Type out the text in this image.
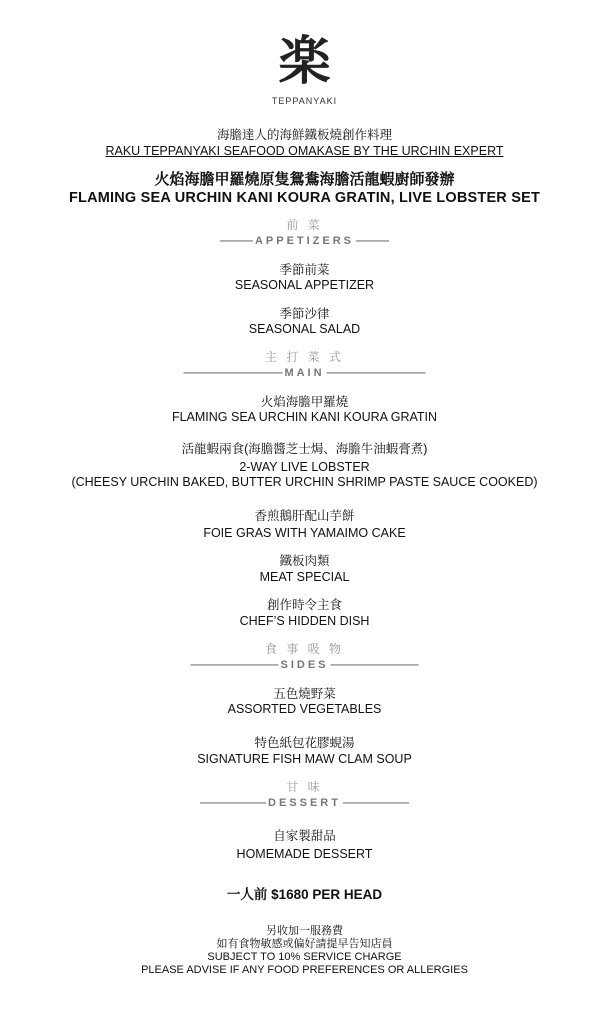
楽
TEPPANYAKI
海膽達人的海鮮鐵板燒創作料理
RAKU TEPPANYAKI SEAFOOD OMAKASE BY THE URCHIN EXPERT
火焰海膽甲羅燒原隻鴛鴦海膽活龍蝦廚師發辦
FLAMING SEA URCHIN KANI KOURA GRATIN, LIVE LOBSTER SET
前 菜
——— APPETIZERS ———
季節前菜
SEASONAL APPETIZER
季節沙律
SEASONAL SALAD
主 打 菜 式
————————— MAIN —————————
火焰海膽甲羅燒
FLAMING SEA URCHIN KANI KOURA GRATIN
活龍蝦兩食(海膽醬芝士焗、海膽牛油蝦膏煮)
2-WAY LIVE LOBSTER
(CHEESY URCHIN BAKED, BUTTER URCHIN SHRIMP PASTE SAUCE COOKED)
香煎鵝肝配山芋餅
FOIE GRAS WITH YAMAIMO CAKE
鐵板肉類
MEAT SPECIAL
創作時令主食
CHEF’S HIDDEN DISH
食 事 吸 物
———————— SIDES ————————
五色燒野菜
ASSORTED VEGETABLES
特色紙包花膠蜆湯
SIGNATURE FISH MAW CLAM SOUP
甘 味
—————— DESSERT ——————
自家製甜品
HOMEMADE DESSERT
一人前 $1680 PER HEAD
另收加一服務費
如有食物敏感或偏好請提早告知店員
SUBJECT TO 10% SERVICE CHARGE
PLEASE ADVISE IF ANY FOOD PREFERENCES OR ALLERGIES
